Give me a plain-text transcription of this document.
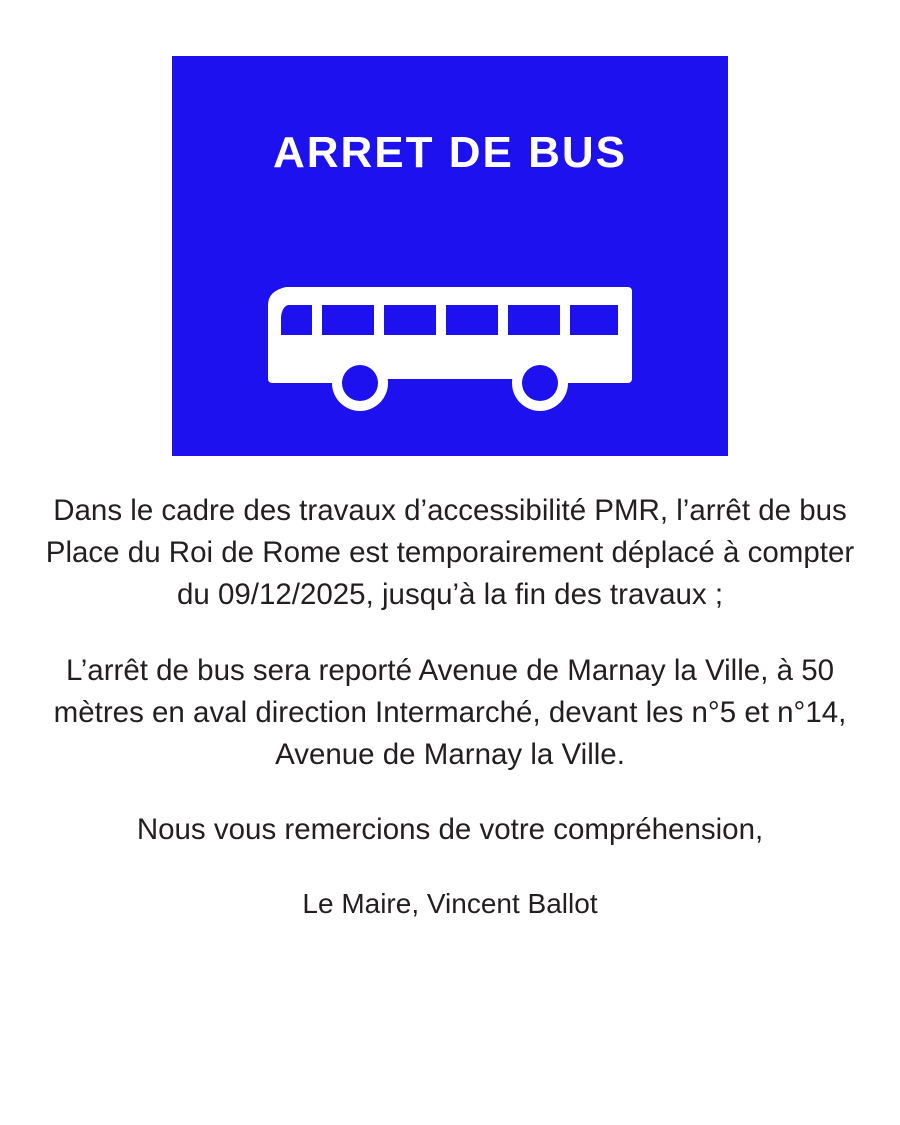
ARRET DE BUS

Dans le cadre des travaux d’accessibilité PMR, l’arrêt de bus Place du Roi de Rome est temporairement déplacé à compter du 09/12/2025, jusqu’à la fin des travaux ;

L’arrêt de bus sera reporté Avenue de Marnay la Ville, à 50 mètres en aval direction Intermarché, devant les n°5 et n°14, Avenue de Marnay la Ville.

Nous vous remercions de votre compréhension,

Le Maire, Vincent Ballot
